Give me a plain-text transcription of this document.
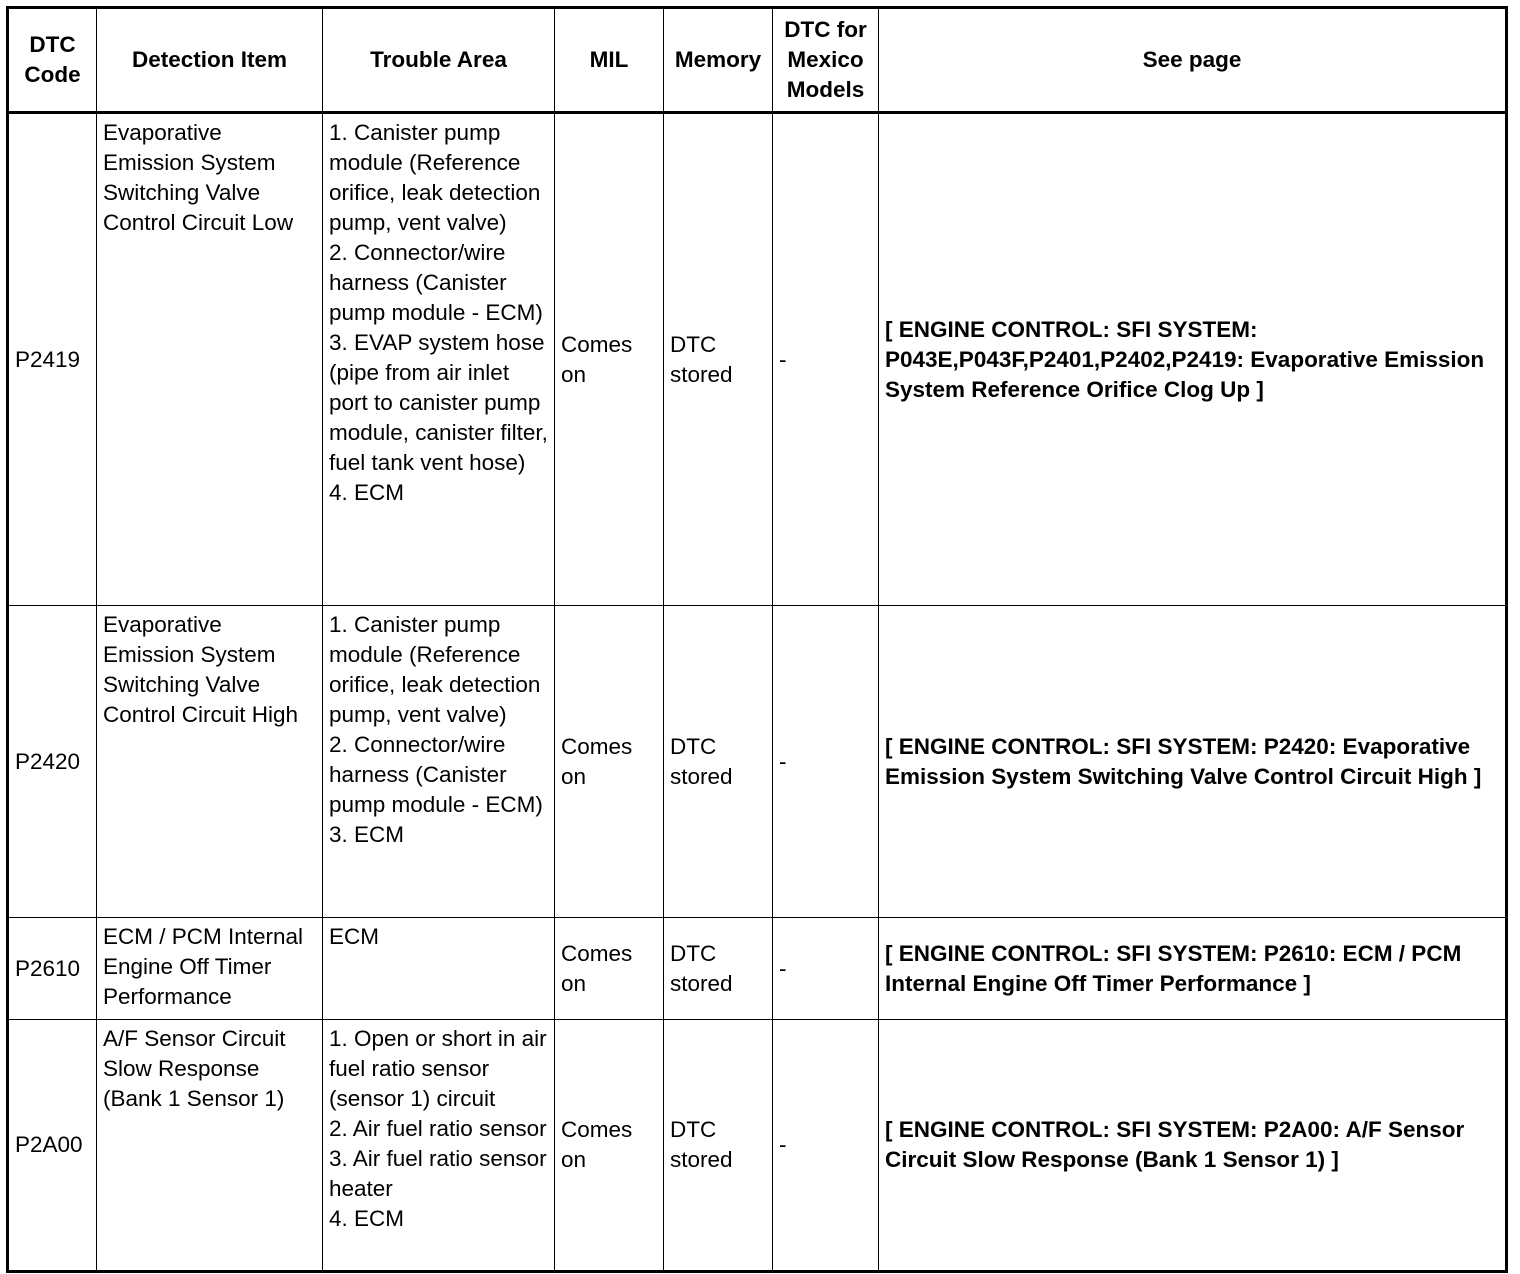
DTC Code	Detection Item	Trouble Area	MIL	Memory	DTC for Mexico Models	See page
P2419	Evaporative Emission System Switching Valve Control Circuit Low	1. Canister pump module (Reference orifice, leak detection pump, vent valve)
2. Connector/wire harness (Canister pump module - ECM)
3. EVAP system hose (pipe from air inlet port to canister pump module, canister filter, fuel tank vent hose)
4. ECM	Comes on	DTC stored	-	[ ENGINE CONTROL: SFI SYSTEM: P043E,P043F,P2401,P2402,P2419: Evaporative Emission System Reference Orifice Clog Up ]
P2420	Evaporative Emission System Switching Valve Control Circuit High	1. Canister pump module (Reference orifice, leak detection pump, vent valve)
2. Connector/wire harness (Canister pump module - ECM)
3. ECM	Comes on	DTC stored	-	[ ENGINE CONTROL: SFI SYSTEM: P2420: Evaporative Emission System Switching Valve Control Circuit High ]
P2610	ECM / PCM Internal Engine Off Timer Performance	ECM	Comes on	DTC stored	-	[ ENGINE CONTROL: SFI SYSTEM: P2610: ECM / PCM Internal Engine Off Timer Performance ]
P2A00	A/F Sensor Circuit Slow Response (Bank 1 Sensor 1)	1. Open or short in air fuel ratio sensor (sensor 1) circuit
2. Air fuel ratio sensor
3. Air fuel ratio sensor heater
4. ECM	Comes on	DTC stored	-	[ ENGINE CONTROL: SFI SYSTEM: P2A00: A/F Sensor Circuit Slow Response (Bank 1 Sensor 1) ]
